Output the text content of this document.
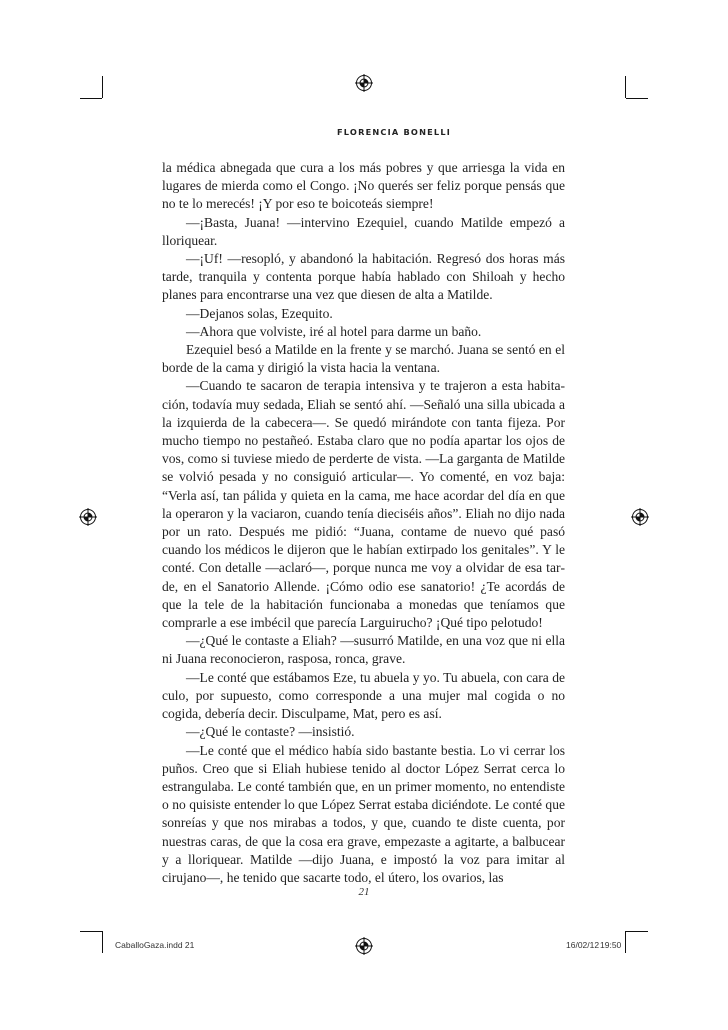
FLORENCIA BONELLI

la médica abnegada que cura a los más pobres y que arriesga la vida en lugares de mierda como el Congo. ¡No querés ser feliz porque pensás que no te lo merecés! ¡Y por eso te boicoteás siempre!

—¡Basta, Juana! —intervino Ezequiel, cuando Matilde empezó a lloriquear.

—¡Uf! —resopló, y abandonó la habitación. Regresó dos horas más tarde, tranquila y contenta porque había hablado con Shiloah y hecho planes para encontrarse una vez que diesen de alta a Matilde.

—Dejanos solas, Ezequito.

—Ahora que volviste, iré al hotel para darme un baño.

Ezequiel besó a Matilde en la frente y se marchó. Juana se sentó en el borde de la cama y dirigió la vista hacia la ventana.

—Cuando te sacaron de terapia intensiva y te trajeron a esta habitación, todavía muy sedada, Eliah se sentó ahí. —Señaló una silla ubicada a la izquierda de la cabecera—. Se quedó mirándote con tanta fijeza. Por mucho tiempo no pestañeó. Estaba claro que no podía apartar los ojos de vos, como si tuviese miedo de perderte de vista. —La garganta de Matilde se volvió pesada y no consiguió articular—. Yo comenté, en voz baja: “Verla así, tan pálida y quieta en la cama, me hace acordar del día en que la operaron y la vaciaron, cuando tenía dieciséis años”. Eliah no dijo nada por un rato. Después me pidió: “Juana, contame de nuevo qué pasó cuando los médicos le dijeron que le habían extirpado los genitales”. Y le conté. Con detalle —aclaró—, porque nunca me voy a olvidar de esa tarde, en el Sanatorio Allende. ¡Cómo odio ese sanatorio! ¿Te acordás de que la tele de la habitación funcionaba a monedas que teníamos que comprarle a ese imbécil que parecía Larguirucho? ¡Qué tipo pelotudo!

—¿Qué le contaste a Eliah? —susurró Matilde, en una voz que ni ella ni Juana reconocieron, rasposa, ronca, grave.

—Le conté que estábamos Eze, tu abuela y yo. Tu abuela, con cara de culo, por supuesto, como corresponde a una mujer mal cogida o no cogida, debería decir. Disculpame, Mat, pero es así.

—¿Qué le contaste? —insistió.

—Le conté que el médico había sido bastante bestia. Lo vi cerrar los puños. Creo que si Eliah hubiese tenido al doctor López Serrat cerca lo estrangulaba. Le conté también que, en un primer momento, no entendiste o no quisiste entender lo que López Serrat estaba diciéndote. Le conté que sonreías y que nos mirabas a todos, y que, cuando te diste cuenta, por nuestras caras, de que la cosa era grave, empezaste a agitarte, a balbucear y a lloriquear. Matilde —dijo Juana, e impostó la voz para imitar al cirujano—, he tenido que sacarte todo, el útero, los ovarios, las

21
CaballoGaza.indd 21	16/02/12 19:50
